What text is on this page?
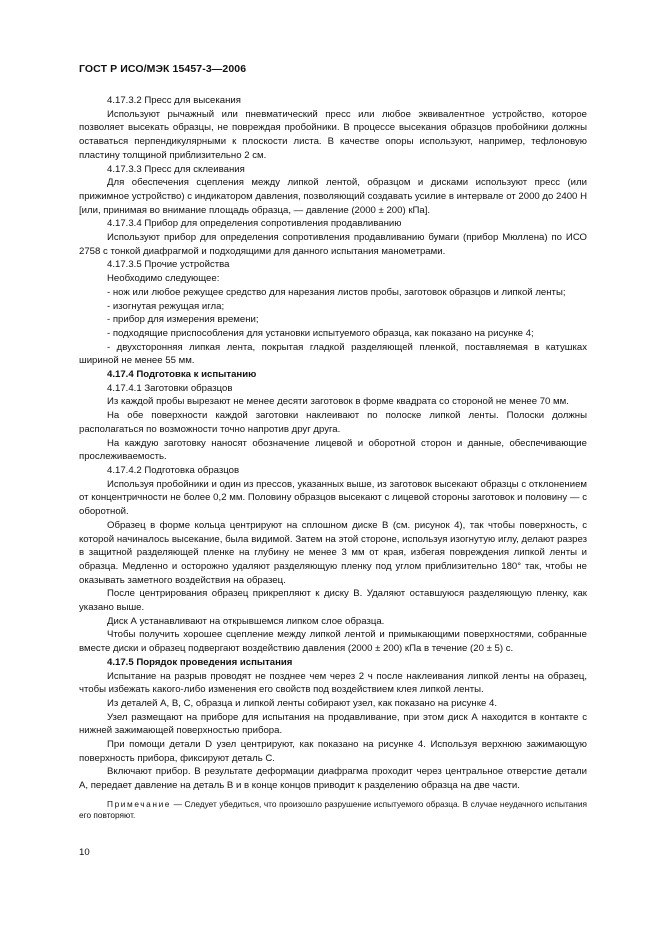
ГОСТ Р ИСО/МЭК 15457-3—2006

4.17.3.2 Пресс для высекания

Используют рычажный или пневматический пресс или любое эквивалентное устройство, которое позволяет высекать образцы, не повреждая пробойники. В процессе высекания образцов пробойники должны оставаться перпендикулярными к плоскости листа. В качестве опоры используют, например, тефлоновую пластину толщиной приблизительно 2 см.

4.17.3.3 Пресс для склеивания

Для обеспечения сцепления между липкой лентой, образцом и дисками используют пресс (или прижимное устройство) с индикатором давления, позволяющий создавать усилие в интервале от 2000 до 2400 Н [или, принимая во внимание площадь образца, — давление (2000 ± 200) кПа].

4.17.3.4 Прибор для определения сопротивления продавливанию

Используют прибор для определения сопротивления продавливанию бумаги (прибор Мюллена) по ИСО 2758 с тонкой диафрагмой и подходящими для данного испытания манометрами.

4.17.3.5 Прочие устройства

Необходимо следующее:

- нож или любое режущее средство для нарезания листов пробы, заготовок образцов и липкой ленты;

- изогнутая режущая игла;

- прибор для измерения времени;

- подходящие приспособления для установки испытуемого образца, как показано на рисунке 4;

- двухсторонняя липкая лента, покрытая гладкой разделяющей пленкой, поставляемая в катушках шириной не менее 55 мм.

4.17.4 Подготовка к испытанию

4.17.4.1 Заготовки образцов

Из каждой пробы вырезают не менее десяти заготовок в форме квадрата со стороной не менее 70 мм.

На обе поверхности каждой заготовки наклеивают по полоске липкой ленты. Полоски должны располагаться по возможности точно напротив друг друга.

На каждую заготовку наносят обозначение лицевой и оборотной сторон и данные, обеспечивающие прослеживаемость.

4.17.4.2 Подготовка образцов

Используя пробойники и один из прессов, указанных выше, из заготовок высекают образцы с отклонением от концентричности не более 0,2 мм. Половину образцов высекают с лицевой стороны заготовок и половину — с оборотной.

Образец в форме кольца центрируют на сплошном диске В (см. рисунок 4), так чтобы поверхность, с которой начиналось высекание, была видимой. Затем на этой стороне, используя изогнутую иглу, делают разрез в защитной разделяющей пленке на глубину не менее 3 мм от края, избегая повреждения липкой ленты и образца. Медленно и осторожно удаляют разделяющую пленку под углом приблизительно 180° так, чтобы не оказывать заметного воздействия на образец.

После центрирования образец прикрепляют к диску В. Удаляют оставшуюся разделяющую пленку, как указано выше.

Диск А устанавливают на открывшемся липком слое образца.

Чтобы получить хорошее сцепление между липкой лентой и примыкающими поверхностями, собранные вместе диски и образец подвергают воздействию давления (2000 ± 200) кПа в течение (20 ± 5) с.

4.17.5 Порядок проведения испытания

Испытание на разрыв проводят не позднее чем через 2 ч после наклеивания липкой ленты на образец, чтобы избежать какого-либо изменения его свойств под воздействием клея липкой ленты.

Из деталей А, В, С, образца и липкой ленты собирают узел, как показано на рисунке 4.

Узел размещают на приборе для испытания на продавливание, при этом диск А находится в контакте с нижней зажимающей поверхностью прибора.

При помощи детали D узел центрируют, как показано на рисунке 4. Используя верхнюю зажимающую поверхность прибора, фиксируют деталь С.

Включают прибор. В результате деформации диафрагма проходит через центральное отверстие детали А, передает давление на деталь В и в конце концов приводит к разделению образца на две части.

Примечание — Следует убедиться, что произошло разрушение испытуемого образца. В случае неудачного испытания его повторяют.

10
